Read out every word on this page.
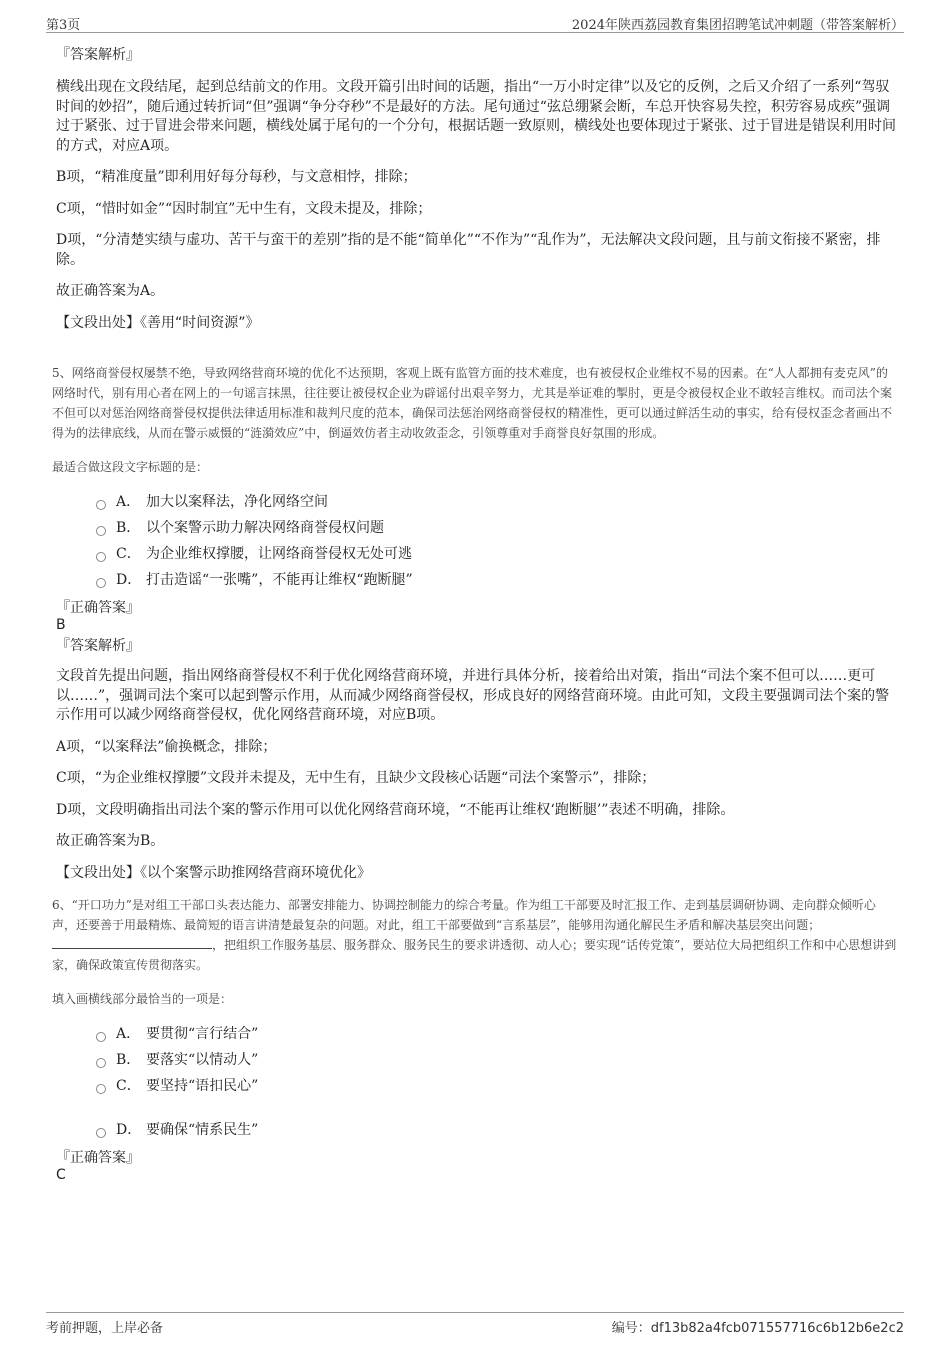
第3页	2024年陕西荔园教育集团招聘笔试冲刺题（带答案解析）

『答案解析』

横线出现在文段结尾，起到总结前文的作用。文段开篇引出时间的话题，指出“一万小时定律”以及它的反例，之后又介绍了一系列“驾驭时间的妙招”，随后通过转折词“但”强调“争分夺秒”不是最好的方法。尾句通过“弦总绷紧会断，车总开快容易失控，积劳容易成疾”强调过于紧张、过于冒进会带来问题，横线处属于尾句的一个分句，根据话题一致原则，横线处也要体现过于紧张、过于冒进是错误利用时间的方式，对应A项。

B项，“精准度量”即利用好每分每秒，与文意相悖，排除；

C项，“惜时如金”“因时制宜”无中生有，文段未提及，排除；

D项，“分清楚实绩与虚功、苦干与蛮干的差别”指的是不能“简单化”“不作为”“乱作为”，无法解决文段问题，且与前文衔接不紧密，排除。

故正确答案为A。

【文段出处】《善用“时间资源”》

5、网络商誉侵权屡禁不绝，导致网络营商环境的优化不达预期，客观上既有监管方面的技术难度，也有被侵权企业维权不易的因素。在“人人都拥有麦克风”的网络时代，别有用心者在网上的一句谣言抹黑，往往要让被侵权企业为辟谣付出艰辛努力，尤其是举证难的掣肘，更是令被侵权企业不敢轻言维权。而司法个案不但可以对惩治网络商誉侵权提供法律适用标准和裁判尺度的范本，确保司法惩治网络商誉侵权的精准性，更可以通过鲜活生动的事实，给有侵权歪念者画出不得为的法律底线，从而在警示威慑的“涟漪效应”中，倒逼效仿者主动收敛歪念，引领尊重对手商誉良好氛围的形成。

最适合做这段文字标题的是：

A． 加大以案释法，净化网络空间
B． 以个案警示助力解决网络商誉侵权问题
C． 为企业维权撑腰，让网络商誉侵权无处可逃
D． 打击造谣“一张嘴”，不能再让维权“跑断腿”

『正确答案』

B

『答案解析』

文段首先提出问题，指出网络商誉侵权不利于优化网络营商环境，并进行具体分析，接着给出对策，指出“司法个案不但可以……更可以……”，强调司法个案可以起到警示作用，从而减少网络商誉侵权，形成良好的网络营商环境。由此可知，文段主要强调司法个案的警示作用可以减少网络商誉侵权，优化网络营商环境，对应B项。

A项，“以案释法”偷换概念，排除；

C项，“为企业维权撑腰”文段并未提及，无中生有，且缺少文段核心话题“司法个案警示”，排除；

D项，文段明确指出司法个案的警示作用可以优化网络营商环境，“不能再让维权‘跑断腿’”表述不明确，排除。

故正确答案为B。

【文段出处】《以个案警示助推网络营商环境优化》

6、“开口功力”是对组工干部口头表达能力、部署安排能力、协调控制能力的综合考量。作为组工干部要及时汇报工作、走到基层调研协调、走向群众倾听心声，还要善于用最精炼、最简短的语言讲清楚最复杂的问题。对此，组工干部要做到“言系基层”，能够用沟通化解民生矛盾和解决基层突出问题；，把组织工作服务基层、服务群众、服务民生的要求讲透彻、动人心；要实现“话传党策”，要站位大局把组织工作和中心思想讲到家，确保政策宣传贯彻落实。

填入画横线部分最恰当的一项是：

A． 要贯彻“言行结合”
B． 要落实“以情动人”
C． 要坚持“语扣民心”
D． 要确保“情系民生”

『正确答案』

C

考前押题，上岸必备	编号：df13b82a4fcb071557716c6b12b6e2c2
